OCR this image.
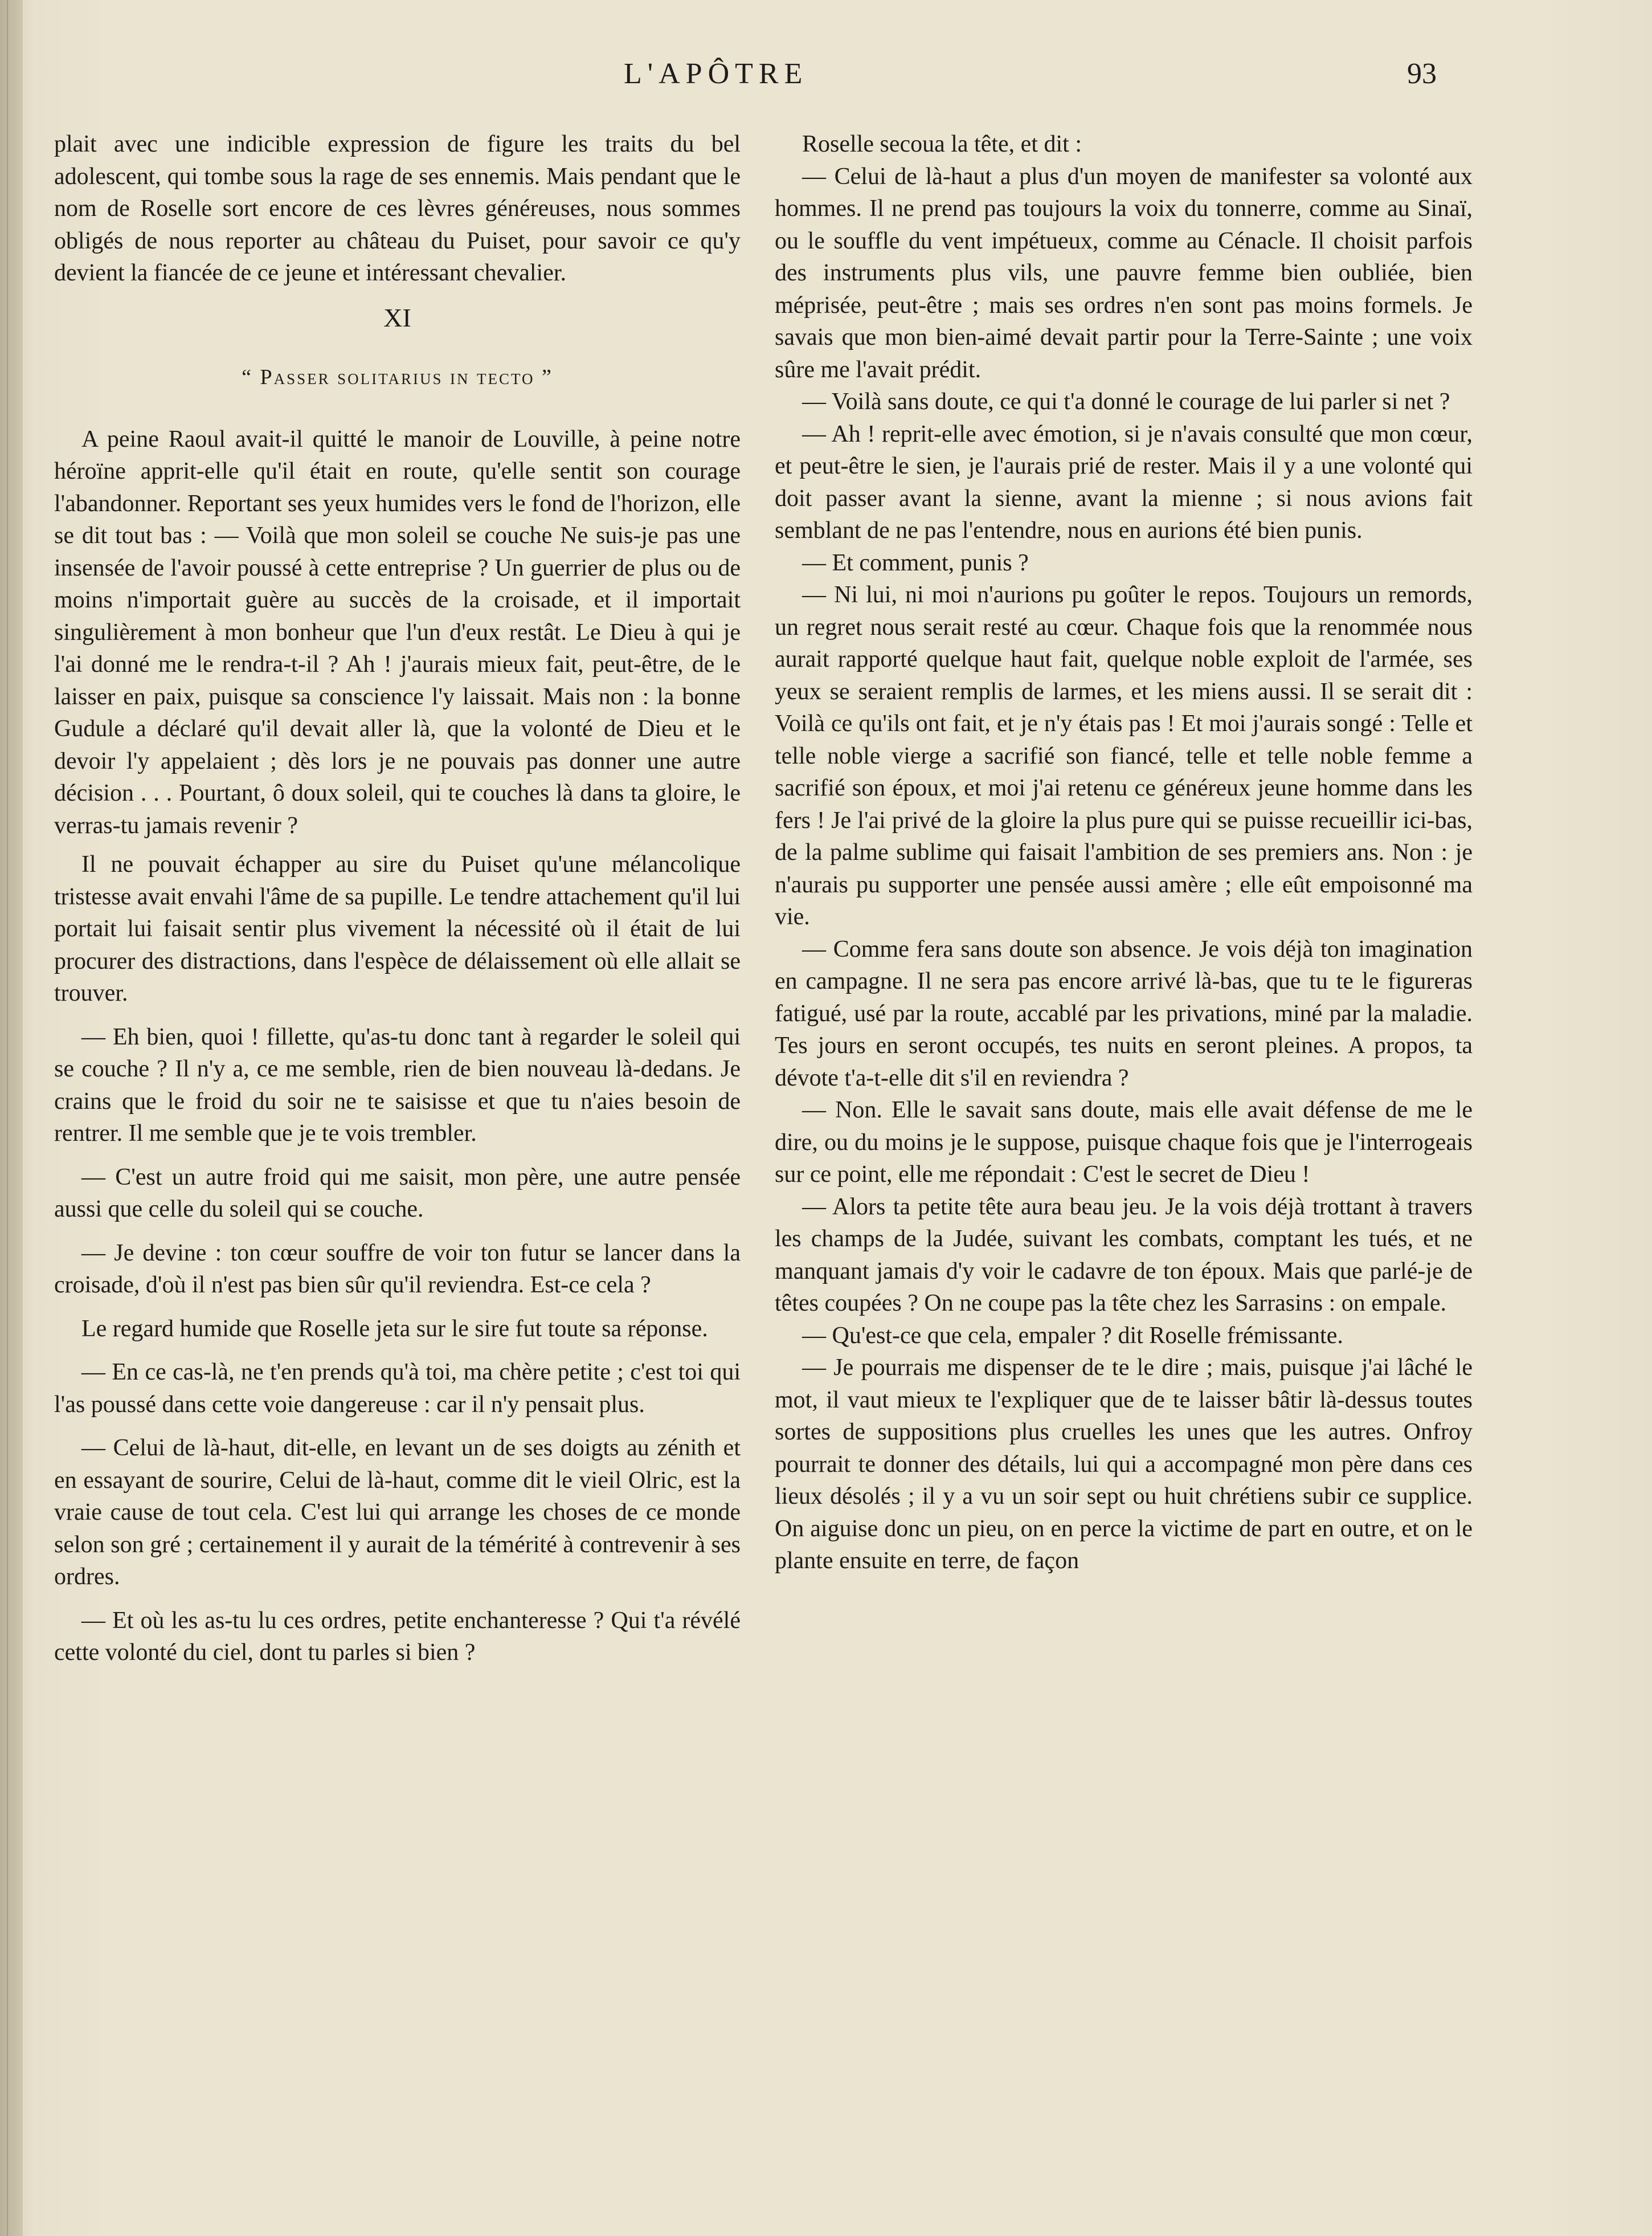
L'APÔTRE	93

plait avec une indicible expression de figure les traits du bel adolescent, qui tombe sous la rage de ses ennemis. Mais pendant que le nom de Roselle sort encore de ces lèvres généreuses, nous sommes obligés de nous reporter au château du Puiset, pour savoir ce qu'y devient la fiancée de ce jeune et intéressant chevalier.

XI
“ Passer solitarius in tecto ”

A peine Raoul avait-il quitté le manoir de Louville, à peine notre héroïne apprit-elle qu'il était en route, qu'elle sentit son courage l'abandonner. Reportant ses yeux humides vers le fond de l'horizon, elle se dit tout bas : — Voilà que mon soleil se couche Ne suis-je pas une insensée de l'avoir poussé à cette entreprise ? Un guerrier de plus ou de moins n'importait guère au succès de la croisade, et il importait singulièrement à mon bonheur que l'un d'eux restât. Le Dieu à qui je l'ai donné me le rendra-t-il ? Ah ! j'aurais mieux fait, peut-être, de le laisser en paix, puisque sa conscience l'y laissait. Mais non : la bonne Gudule a déclaré qu'il devait aller là, que la volonté de Dieu et le devoir l'y appelaient ; dès lors je ne pouvais pas donner une autre décision . . . Pourtant, ô doux soleil, qui te couches là dans ta gloire, le verras-tu jamais revenir ?

Il ne pouvait échapper au sire du Puiset qu'une mélancolique tristesse avait envahi l'âme de sa pupille. Le tendre attachement qu'il lui portait lui faisait sentir plus vivement la nécessité où il était de lui procurer des distractions, dans l'espèce de délaissement où elle allait se trouver.

— Eh bien, quoi ! fillette, qu'as-tu donc tant à regarder le soleil qui se couche ? Il n'y a, ce me semble, rien de bien nouveau là-dedans. Je crains que le froid du soir ne te saisisse et que tu n'aies besoin de rentrer. Il me semble que je te vois trembler.

— C'est un autre froid qui me saisit, mon père, une autre pensée aussi que celle du soleil qui se couche.

— Je devine : ton cœur souffre de voir ton futur se lancer dans la croisade, d'où il n'est pas bien sûr qu'il reviendra. Est-ce cela ?

Le regard humide que Roselle jeta sur le sire fut toute sa réponse.

— En ce cas-là, ne t'en prends qu'à toi, ma chère petite ; c'est toi qui l'as poussé dans cette voie dangereuse : car il n'y pensait plus.

— Celui de là-haut, dit-elle, en levant un de ses doigts au zénith et en essayant de sourire, Celui de là-haut, comme dit le vieil Olric, est la vraie cause de tout cela. C'est lui qui arrange les choses de ce monde selon son gré ; certainement il y aurait de la témérité à contrevenir à ses ordres.

— Et où les as-tu lu ces ordres, petite enchanteresse ? Qui t'a révélé cette volonté du ciel, dont tu parles si bien ?

Roselle secoua la tête, et dit :

— Celui de là-haut a plus d'un moyen de manifester sa volonté aux hommes. Il ne prend pas toujours la voix du tonnerre, comme au Sinaï, ou le souffle du vent impétueux, comme au Cénacle. Il choisit parfois des instruments plus vils, une pauvre femme bien oubliée, bien méprisée, peut-être ; mais ses ordres n'en sont pas moins formels. Je savais que mon bien-aimé devait partir pour la Terre-Sainte ; une voix sûre me l'avait prédit.

— Voilà sans doute, ce qui t'a donné le courage de lui parler si net ?

— Ah ! reprit-elle avec émotion, si je n'avais consulté que mon cœur, et peut-être le sien, je l'aurais prié de rester. Mais il y a une volonté qui doit passer avant la sienne, avant la mienne ; si nous avions fait semblant de ne pas l'entendre, nous en aurions été bien punis.

— Et comment, punis ?

— Ni lui, ni moi n'aurions pu goûter le repos. Toujours un remords, un regret nous serait resté au cœur. Chaque fois que la renommée nous aurait rapporté quelque haut fait, quelque noble exploit de l'armée, ses yeux se seraient remplis de larmes, et les miens aussi. Il se serait dit : Voilà ce qu'ils ont fait, et je n'y étais pas ! Et moi j'aurais songé : Telle et telle noble vierge a sacrifié son fiancé, telle et telle noble femme a sacrifié son époux, et moi j'ai retenu ce généreux jeune homme dans les fers ! Je l'ai privé de la gloire la plus pure qui se puisse recueillir ici-bas, de la palme sublime qui faisait l'ambition de ses premiers ans. Non : je n'aurais pu supporter une pensée aussi amère ; elle eût empoisonné ma vie.

— Comme fera sans doute son absence. Je vois déjà ton imagination en campagne. Il ne sera pas encore arrivé là-bas, que tu te le figureras fatigué, usé par la route, accablé par les privations, miné par la maladie. Tes jours en seront occupés, tes nuits en seront pleines. A propos, ta dévote t'a-t-elle dit s'il en reviendra ?

— Non. Elle le savait sans doute, mais elle avait défense de me le dire, ou du moins je le suppose, puisque chaque fois que je l'interrogeais sur ce point, elle me répondait : C'est le secret de Dieu !

— Alors ta petite tête aura beau jeu. Je la vois déjà trottant à travers les champs de la Judée, suivant les combats, comptant les tués, et ne manquant jamais d'y voir le cadavre de ton époux. Mais que parlé-je de têtes coupées ? On ne coupe pas la tête chez les Sarrasins : on empale.

— Qu'est-ce que cela, empaler ? dit Roselle frémissante.

— Je pourrais me dispenser de te le dire ; mais, puisque j'ai lâché le mot, il vaut mieux te l'expliquer que de te laisser bâtir là-dessus toutes sortes de suppositions plus cruelles les unes que les autres. Onfroy pourrait te donner des détails, lui qui a accompagné mon père dans ces lieux désolés ; il y a vu un soir sept ou huit chrétiens subir ce supplice. On aiguise donc un pieu, on en perce la victime de part en outre, et on le plante ensuite en terre, de façon
